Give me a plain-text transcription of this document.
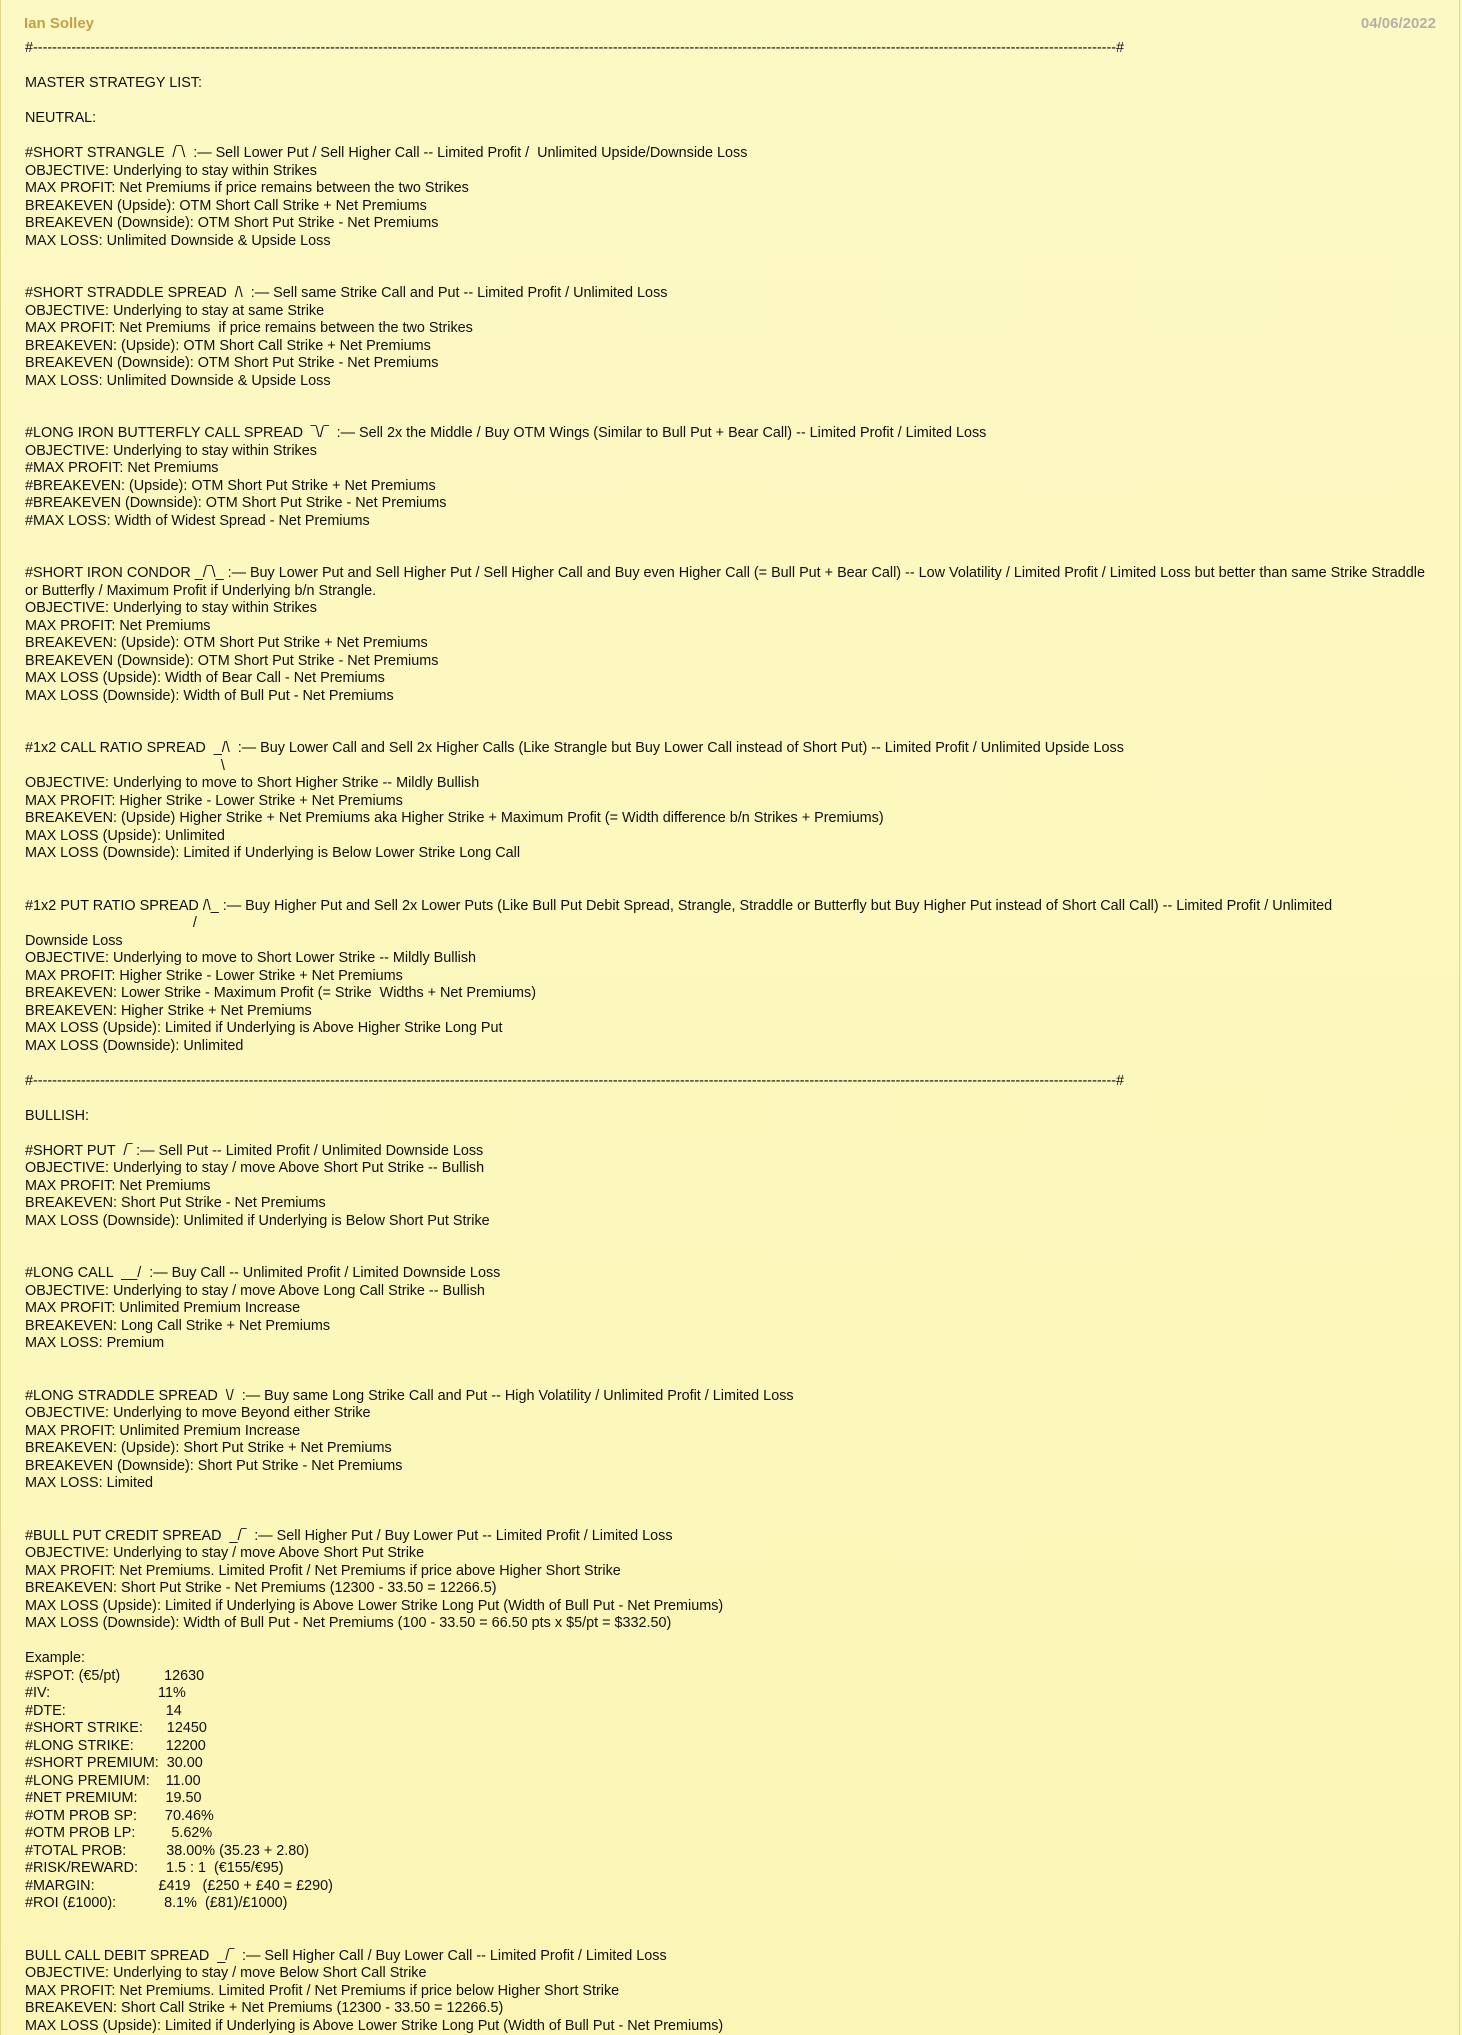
Ian Solley	04/06/2022
#----------------------------------------------------------------------------------------------------------------------------------------------------------------------------------------------------------------------------------#

MASTER STRATEGY LIST:

NEUTRAL:

#SHORT STRANGLE  /‾\  :— Sell Lower Put / Sell Higher Call -- Limited Profit /  Unlimited Upside/Downside Loss
OBJECTIVE: Underlying to stay within Strikes
MAX PROFIT: Net Premiums if price remains between the two Strikes
BREAKEVEN (Upside): OTM Short Call Strike + Net Premiums
BREAKEVEN (Downside): OTM Short Put Strike - Net Premiums
MAX LOSS: Unlimited Downside & Upside Loss

#SHORT STRADDLE SPREAD  /\  :— Sell same Strike Call and Put -- Limited Profit / Unlimited Loss
OBJECTIVE: Underlying to stay at same Strike
MAX PROFIT: Net Premiums  if price remains between the two Strikes
BREAKEVEN: (Upside): OTM Short Call Strike + Net Premiums
BREAKEVEN (Downside): OTM Short Put Strike - Net Premiums
MAX LOSS: Unlimited Downside & Upside Loss

#LONG IRON BUTTERFLY CALL SPREAD  ‾\/‾  :— Sell 2x the Middle / Buy OTM Wings (Similar to Bull Put + Bear Call) -- Limited Profit / Limited Loss
OBJECTIVE: Underlying to stay within Strikes
#MAX PROFIT: Net Premiums
#BREAKEVEN: (Upside): OTM Short Put Strike + Net Premiums
#BREAKEVEN (Downside): OTM Short Put Strike - Net Premiums
#MAX LOSS: Width of Widest Spread - Net Premiums

#SHORT IRON CONDOR _/‾\_ :— Buy Lower Put and Sell Higher Put / Sell Higher Call and Buy even Higher Call (= Bull Put + Bear Call) -- Low Volatility / Limited Profit / Limited Loss but better than same Strike Straddle or Butterfly / Maximum Profit if Underlying b/n Strangle.
OBJECTIVE: Underlying to stay within Strikes
MAX PROFIT: Net Premiums
BREAKEVEN: (Upside): OTM Short Put Strike + Net Premiums
BREAKEVEN (Downside): OTM Short Put Strike - Net Premiums
MAX LOSS (Upside): Width of Bear Call - Net Premiums
MAX LOSS (Downside): Width of Bull Put - Net Premiums

#1x2 CALL RATIO SPREAD  _/\  :— Buy Lower Call and Sell 2x Higher Calls (Like Strangle but Buy Lower Call instead of Short Put) -- Limited Profit / Unlimited Upside Loss
\
OBJECTIVE: Underlying to move to Short Higher Strike -- Mildly Bullish
MAX PROFIT: Higher Strike - Lower Strike + Net Premiums
BREAKEVEN: (Upside) Higher Strike + Net Premiums aka Higher Strike + Maximum Profit (= Width difference b/n Strikes + Premiums)
MAX LOSS (Upside): Unlimited
MAX LOSS (Downside): Limited if Underlying is Below Lower Strike Long Call

#1x2 PUT RATIO SPREAD /\_ :— Buy Higher Put and Sell 2x Lower Puts (Like Bull Put Debit Spread, Strangle, Straddle or Butterfly but Buy Higher Put instead of Short Call Call) -- Limited Profit / Unlimited
/
Downside Loss
OBJECTIVE: Underlying to move to Short Lower Strike -- Mildly Bullish
MAX PROFIT: Higher Strike - Lower Strike + Net Premiums
BREAKEVEN: Lower Strike - Maximum Profit (= Strike  Widths + Net Premiums)
BREAKEVEN: Higher Strike + Net Premiums
MAX LOSS (Upside): Limited if Underlying is Above Higher Strike Long Put
MAX LOSS (Downside): Unlimited

#----------------------------------------------------------------------------------------------------------------------------------------------------------------------------------------------------------------------------------#

BULLISH:

#SHORT PUT  /‾ :— Sell Put -- Limited Profit / Unlimited Downside Loss
OBJECTIVE: Underlying to stay / move Above Short Put Strike -- Bullish
MAX PROFIT: Net Premiums
BREAKEVEN: Short Put Strike - Net Premiums
MAX LOSS (Downside): Unlimited if Underlying is Below Short Put Strike

#LONG CALL  __/  :— Buy Call -- Unlimited Profit / Limited Downside Loss
OBJECTIVE: Underlying to stay / move Above Long Call Strike -- Bullish
MAX PROFIT: Unlimited Premium Increase
BREAKEVEN: Long Call Strike + Net Premiums
MAX LOSS: Premium

#LONG STRADDLE SPREAD  \/  :— Buy same Long Strike Call and Put -- High Volatility / Unlimited Profit / Limited Loss
OBJECTIVE: Underlying to move Beyond either Strike
MAX PROFIT: Unlimited Premium Increase
BREAKEVEN: (Upside): Short Put Strike + Net Premiums
BREAKEVEN (Downside): Short Put Strike - Net Premiums
MAX LOSS: Limited

#BULL PUT CREDIT SPREAD  _/‾  :— Sell Higher Put / Buy Lower Put -- Limited Profit / Limited Loss
OBJECTIVE: Underlying to stay / move Above Short Put Strike
MAX PROFIT: Net Premiums. Limited Profit / Net Premiums if price above Higher Short Strike
BREAKEVEN: Short Put Strike - Net Premiums (12300 - 33.50 = 12266.5)
MAX LOSS (Upside): Limited if Underlying is Above Lower Strike Long Put (Width of Bull Put - Net Premiums)
MAX LOSS (Downside): Width of Bull Put - Net Premiums (100 - 33.50 = 66.50 pts x $5/pt = $332.50)

Example:
#SPOT: (€5/pt)           12630
#IV:                           11%
#DTE:                         14
#SHORT STRIKE:      12450
#LONG STRIKE:        12200
#SHORT PREMIUM:  30.00
#LONG PREMIUM:    11.00
#NET PREMIUM:       19.50
#OTM PROB SP:       70.46%
#OTM PROB LP:         5.62%
#TOTAL PROB:          38.00% (35.23 + 2.80)
#RISK/REWARD:       1.5 : 1  (€155/€95)
#MARGIN:                £419   (£250 + £40 = £290)
#ROI (£1000):            8.1%  (£81)/£1000)

BULL CALL DEBIT SPREAD  _/‾  :— Sell Higher Call / Buy Lower Call -- Limited Profit / Limited Loss
OBJECTIVE: Underlying to stay / move Below Short Call Strike
MAX PROFIT: Net Premiums. Limited Profit / Net Premiums if price below Higher Short Strike
BREAKEVEN: Short Call Strike + Net Premiums (12300 - 33.50 = 12266.5)
MAX LOSS (Upside): Limited if Underlying is Above Lower Strike Long Put (Width of Bull Put - Net Premiums)
